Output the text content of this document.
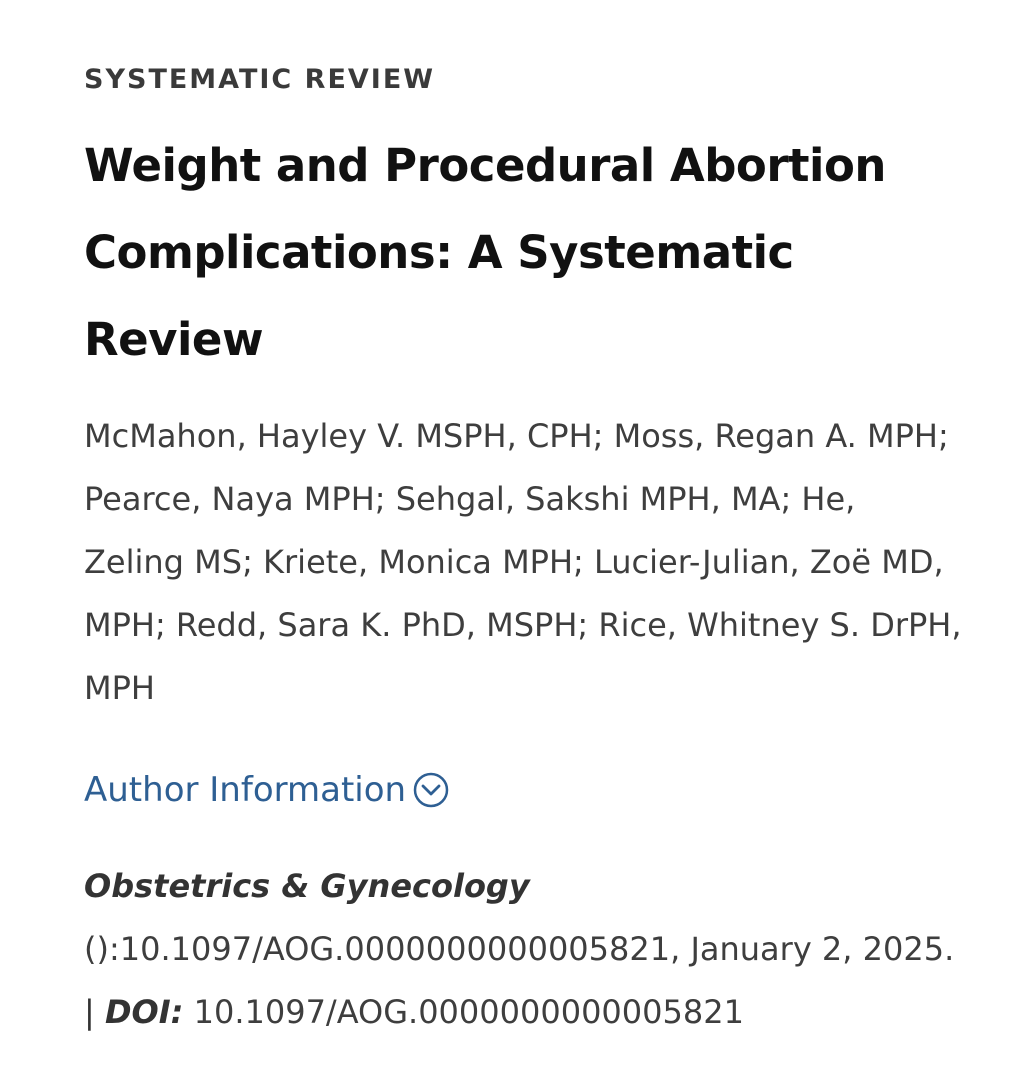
SYSTEMATIC REVIEW

Weight and Procedural Abortion Complications: A Systematic Review

McMahon, Hayley V. MSPH, CPH; Moss, Regan A. MPH; Pearce, Naya MPH; Sehgal, Sakshi MPH, MA; He, Zeling MS; Kriete, Monica MPH; Lucier-Julian, Zoë MD, MPH; Redd, Sara K. PhD, MSPH; Rice, Whitney S. DrPH, MPH

Author Information
Obstetrics & Gynecology
():10.1097/AOG.0000000000005821, January 2, 2025. | DOI: 10.1097/AOG.0000000000005821
